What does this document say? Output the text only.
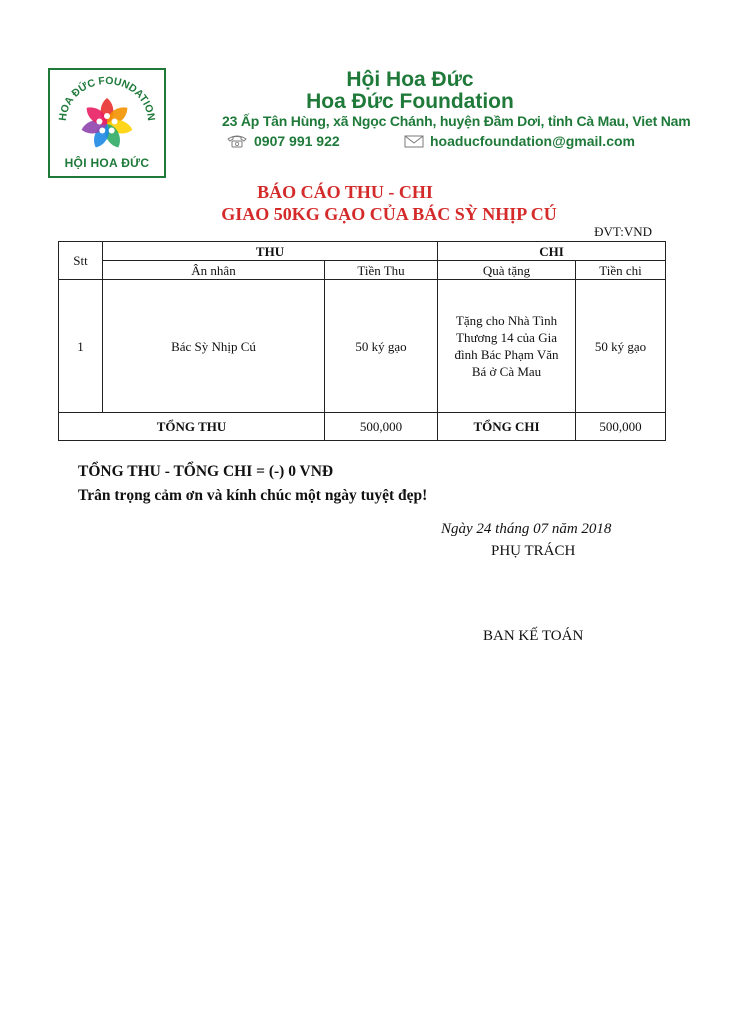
HOA ĐỨC FOUNDATION
HỘI HOA ĐỨC
Hội Hoa Đức
Hoa Đức Foundation
23 Ấp Tân Hùng, xã Ngọc Chánh, huyện Đầm Dơi, tỉnh Cà Mau, Viet Nam
0907 991 922	hoaducfoundation@gmail.com
BÁO CÁO THU - CHI
GIAO 50KG GẠO CỦA BÁC SỲ NHỊP CÚ
ĐVT:VND
Stt	THU		CHI	
	Ân nhân	Tiền Thu	Quà tặng	Tiền chi
1	Bác Sỳ Nhịp Cú	50 ký gạo	Tặng cho Nhà Tình Thương 14 của Gia đình Bác Phạm Văn Bá ở Cà Mau	50 ký gạo
TỔNG THU		500,000	TỔNG CHI	500,000
TỔNG THU - TỔNG CHI = (-) 0 VNĐ
Trân trọng cảm ơn và kính chúc một ngày tuyệt đẹp!
Ngày 24 tháng 07 năm 2018
PHỤ TRÁCH
BAN KẾ TOÁN
